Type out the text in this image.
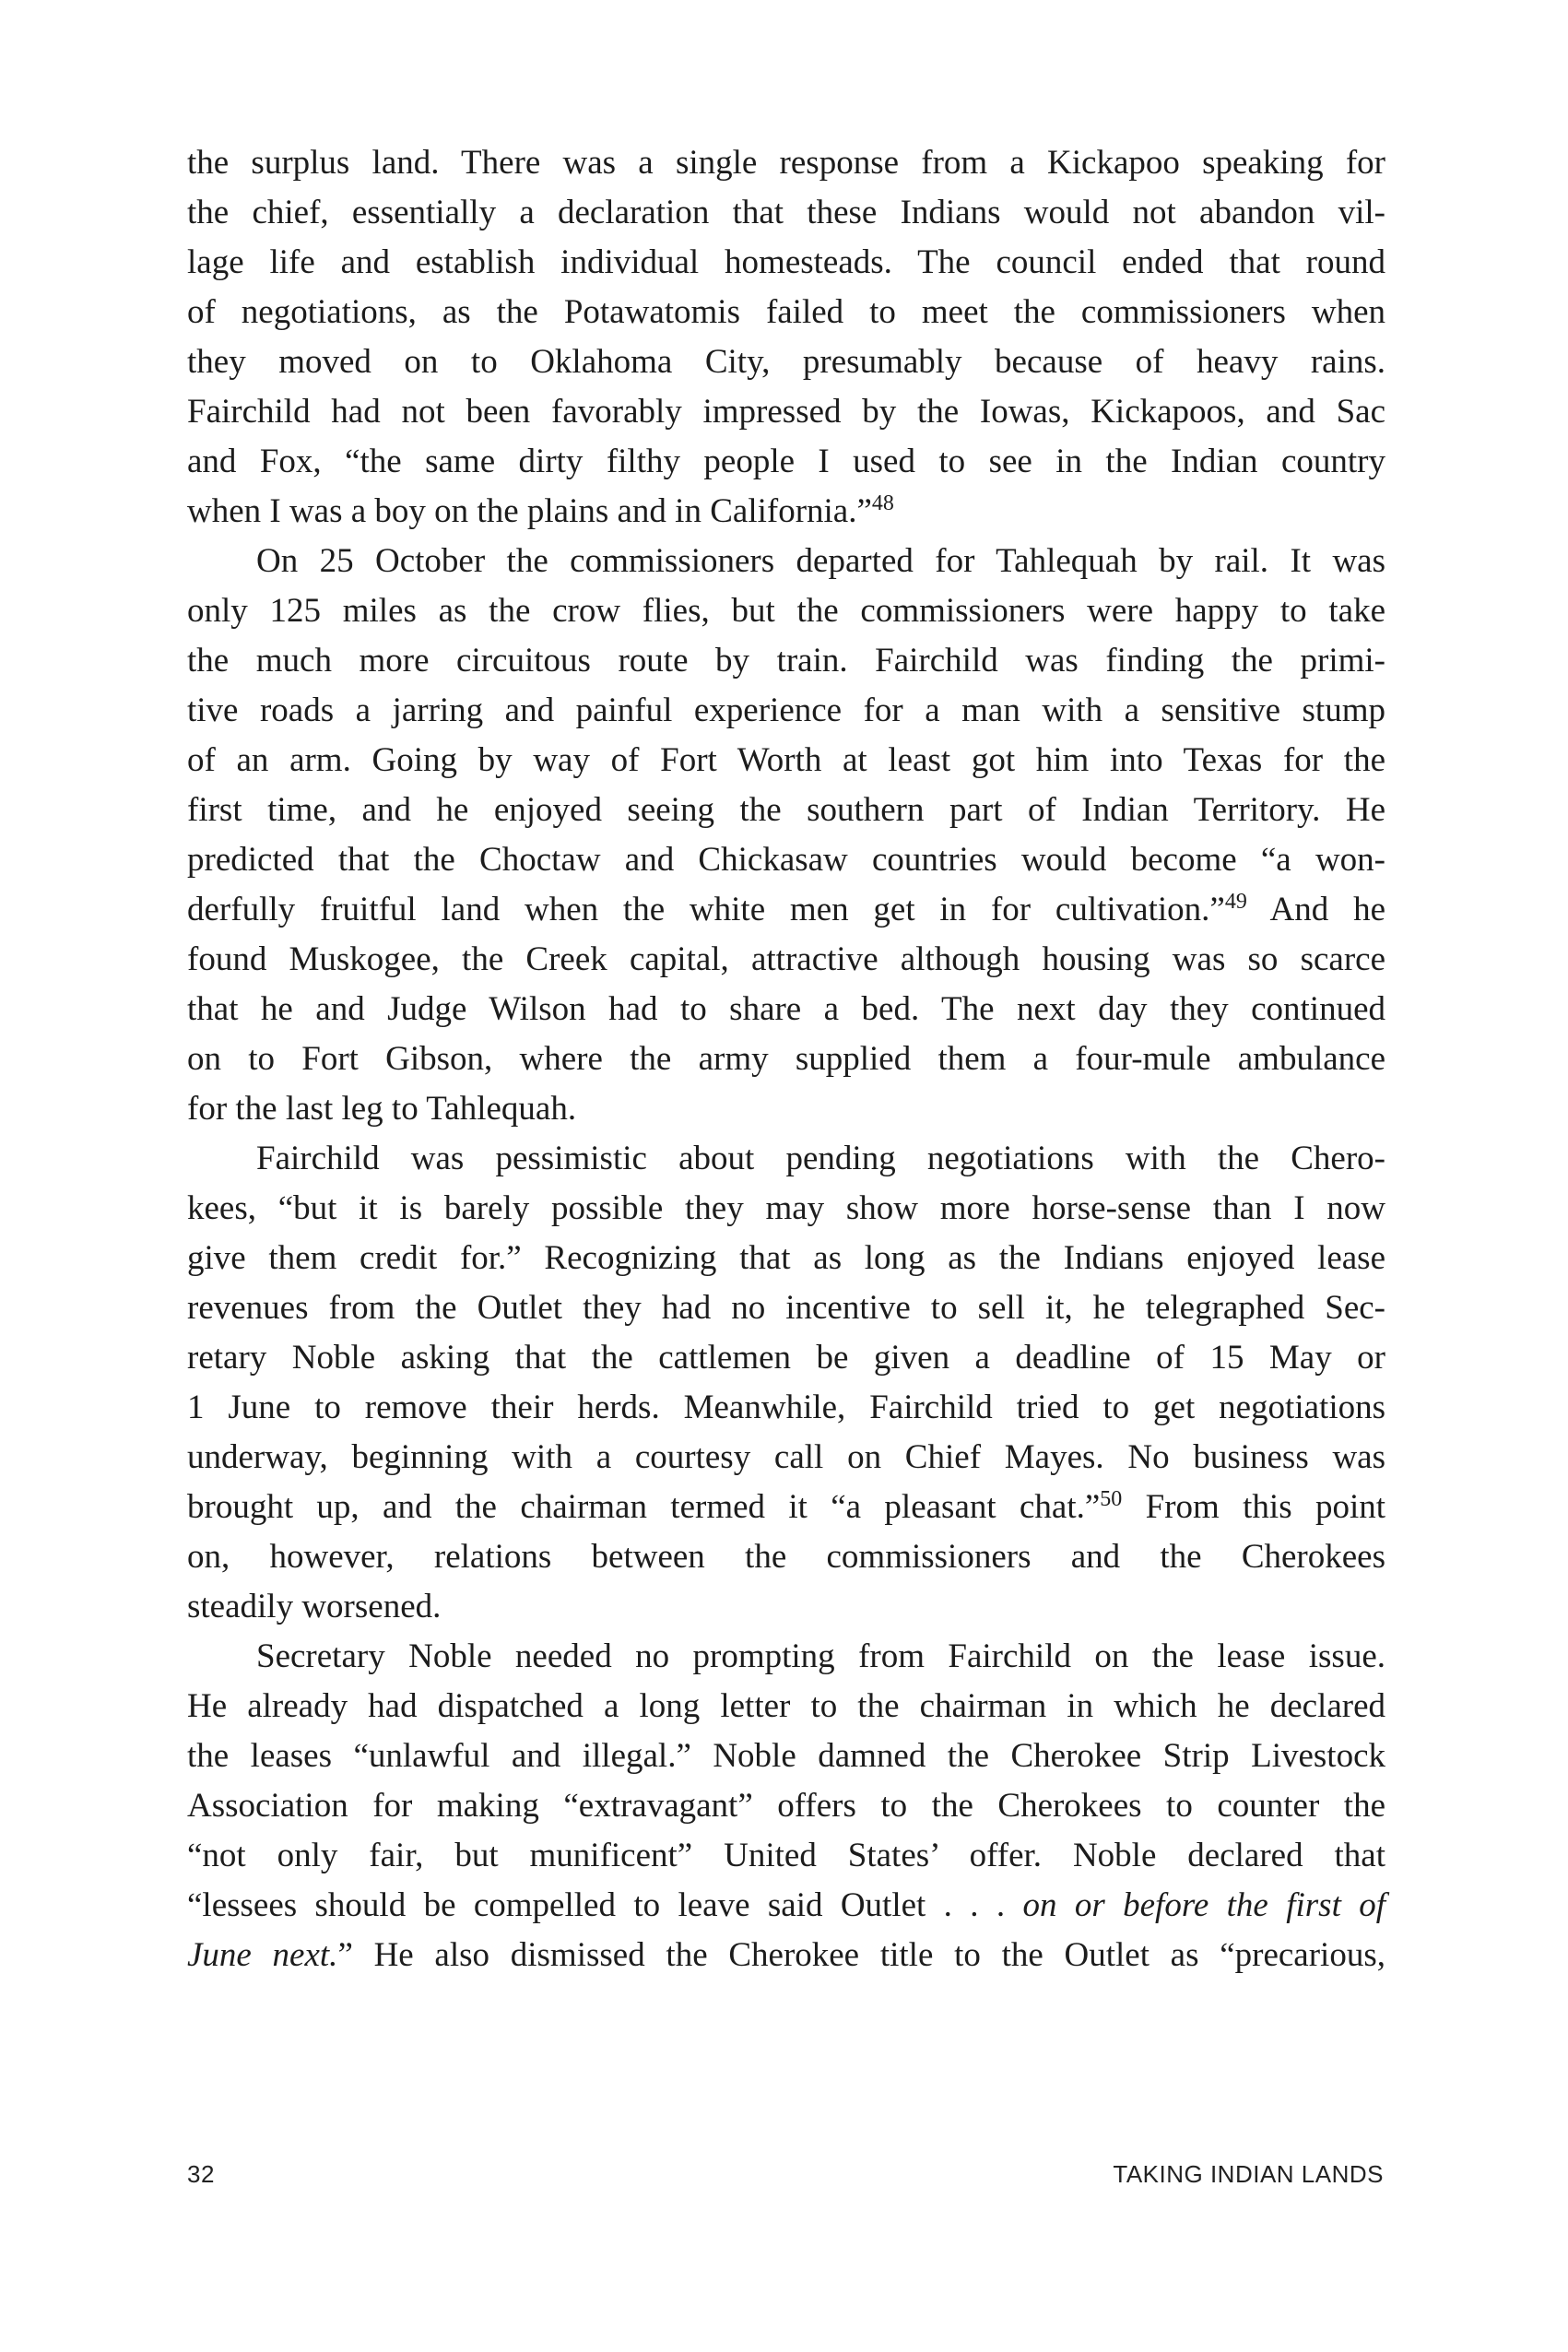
the surplus land. There was a single response from a Kickapoo speaking for
the chief, essentially a declaration that these Indians would not abandon vil-
lage life and establish individual homesteads. The council ended that round
of negotiations, as the Potawatomis failed to meet the commissioners when
they moved on to Oklahoma City, presumably because of heavy rains.
Fairchild had not been favorably impressed by the Iowas, Kickapoos, and Sac
and Fox, “the same dirty filthy people I used to see in the Indian country
when I was a boy on the plains and in California.”$^{48}$
On 25 October the commissioners departed for Tahlequah by rail. It was
only 125 miles as the crow flies, but the commissioners were happy to take
the much more circuitous route by train. Fairchild was finding the primi-
tive roads a jarring and painful experience for a man with a sensitive stump
of an arm. Going by way of Fort Worth at least got him into Texas for the
first time, and he enjoyed seeing the southern part of Indian Territory. He
predicted that the Choctaw and Chickasaw countries would become “a won-
derfully fruitful land when the white men get in for cultivation.”$^{49}$ And he
found Muskogee, the Creek capital, attractive although housing was so scarce
that he and Judge Wilson had to share a bed. The next day they continued
on to Fort Gibson, where the army supplied them a four-mule ambulance
for the last leg to Tahlequah.
Fairchild was pessimistic about pending negotiations with the Chero-
kees, “but it is barely possible they may show more horse-sense than I now
give them credit for.” Recognizing that as long as the Indians enjoyed lease
revenues from the Outlet they had no incentive to sell it, he telegraphed Sec-
retary Noble asking that the cattlemen be given a deadline of 15 May or
1 June to remove their herds. Meanwhile, Fairchild tried to get negotiations
underway, beginning with a courtesy call on Chief Mayes. No business was
brought up, and the chairman termed it “a pleasant chat.”$^{50}$ From this point
on, however, relations between the commissioners and the Cherokees
steadily worsened.
Secretary Noble needed no prompting from Fairchild on the lease issue.
He already had dispatched a long letter to the chairman in which he declared
the leases “unlawful and illegal.” Noble damned the Cherokee Strip Livestock
Association for making “extravagant” offers to the Cherokees to counter the
“not only fair, but munificent” United States’ offer. Noble declared that
“lessees should be compelled to leave said Outlet . . . on or before the first of
June next.” He also dismissed the Cherokee title to the Outlet as “precarious,
32	TAKING INDIAN LANDS
